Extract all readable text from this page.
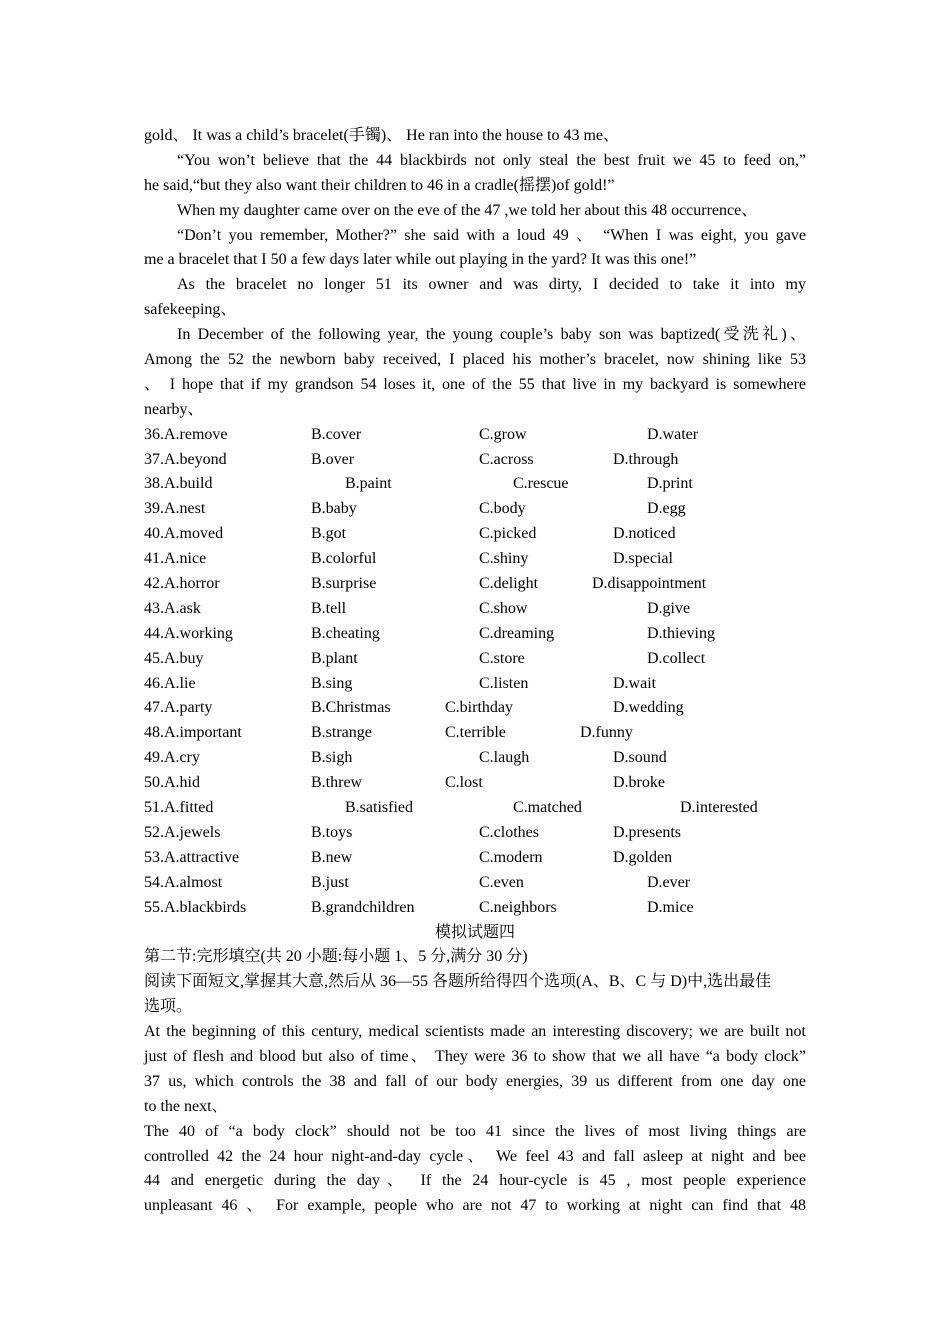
gold、 It was a child’s bracelet(手镯)、 He ran into the house to 43 me、
“You won’t believe that the 44 blackbirds not only steal the best fruit we 45 to feed on,”
he said,“but they also want their children to 46 in a cradle(摇摆)of gold!”
When my daughter came over on the eve of the 47 ,we told her about this 48 occurrence、
“Don’t you remember, Mother?” she said with a loud 49 、 “When I was eight, you gave
me a bracelet that I 50 a few days later while out playing in the yard? It was this one!”
As the bracelet no longer 51 its owner and was dirty, I decided to take it into my
safekeeping、
In December of the following year, the young couple’s baby son was baptized(受洗礼)、
Among the 52 the newborn baby received, I placed his mother’s bracelet, now shining like 53
、 I hope that if my grandson 54 loses it, one of the 55 that live in my backyard is somewhere
nearby、
36.A.remove	B.cover	C.grow	D.water
37.A.beyond	B.over	C.across	D.through
38.A.build	B.paint	C.rescue	D.print
39.A.nest	B.baby	C.body	D.egg
40.A.moved	B.got	C.picked	D.noticed
41.A.nice	B.colorful	C.shiny	D.special
42.A.horror	B.surprise	C.delight	D.disappointment
43.A.ask	B.tell	C.show	D.give
44.A.working	B.cheating	C.dreaming	D.thieving
45.A.buy	B.plant	C.store	D.collect
46.A.lie	B.sing	C.listen	D.wait
47.A.party	B.Christmas	C.birthday	D.wedding
48.A.important	B.strange	C.terrible	D.funny
49.A.cry	B.sigh	C.laugh	D.sound
50.A.hid	B.threw	C.lost	D.broke
51.A.fitted	B.satisfied	C.matched	D.interested
52.A.jewels	B.toys	C.clothes	D.presents
53.A.attractive	B.new	C.modern	D.golden
54.A.almost	B.just	C.even	D.ever
55.A.blackbirds	B.grandchildren	C.neighbors	D.mice
模拟试题四
第二节:完形填空(共 20 小题:每小题 1、5 分,满分 30 分)
阅读下面短文,掌握其大意,然后从 36—55 各题所给得四个选项(A、B、C 与 D)中,选出最佳
选项。
At the beginning of this century, medical scientists made an interesting discovery; we are built not
just of flesh and blood but also of time、 They were 36 to show that we all have “a body clock”
37 us, which controls the 38 and fall of our body energies, 39 us different from one day one
to the next、
The 40 of “a body clock” should not be too 41 since the lives of most living things are
controlled 42 the 24 hour night-and-day cycle、 We feel 43 and fall asleep at night and bee
44 and energetic during the day、 If the 24 hour-cycle is 45 , most people experience
unpleasant 46 、 For example, people who are not 47 to working at night can find that 48
